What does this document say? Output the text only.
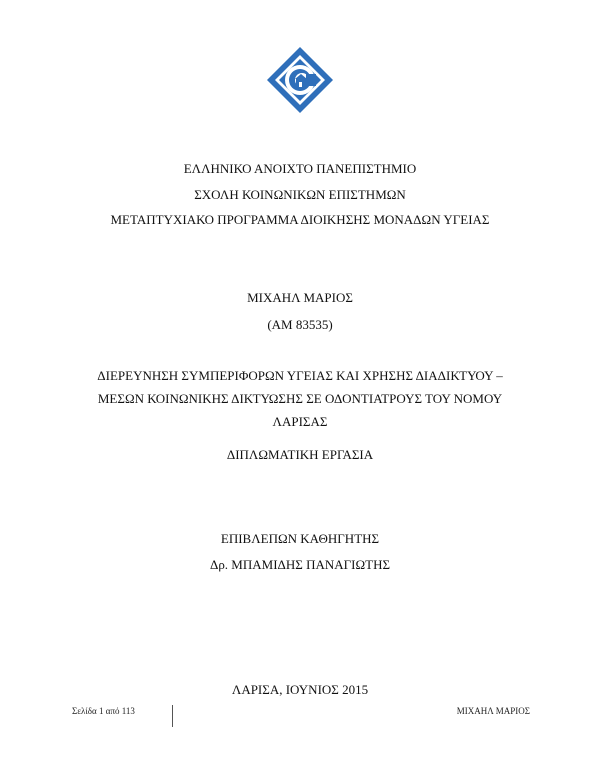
ΕΛΛΗΝΙΚΟ ΑΝΟΙΧΤΟ ΠΑΝΕΠΙΣΤΗΜΙΟ
ΣΧΟΛΗ ΚΟΙΝΩΝΙΚΩΝ ΕΠΙΣΤΗΜΩΝ
ΜΕΤΑΠΤΥΧΙΑΚΟ ΠΡΟΓΡΑΜΜΑ ΔΙΟΙΚΗΣΗΣ ΜΟΝΑΔΩΝ ΥΓΕΙΑΣ
ΜΙΧΑΗΛ ΜΑΡΙΟΣ
(ΑΜ 83535)
ΔΙΕΡΕΥΝΗΣΗ ΣΥΜΠΕΡΙΦΟΡΩΝ ΥΓΕΙΑΣ ΚΑΙ ΧΡΗΣΗΣ ΔΙΑΔΙΚΤΥΟΥ –
ΜΕΣΩΝ ΚΟΙΝΩΝΙΚΗΣ ΔΙΚΤΥΩΣΗΣ ΣΕ ΟΔΟΝΤΙΑΤΡΟΥΣ ΤΟΥ ΝΟΜΟΥ
ΛΑΡΙΣΑΣ
ΔΙΠΛΩΜΑΤΙΚΗ ΕΡΓΑΣΙΑ
ΕΠΙΒΛΕΠΩΝ ΚΑΘΗΓΗΤΗΣ
Δρ. ΜΠΑΜΙΔΗΣ ΠΑΝΑΓΙΩΤΗΣ
ΛΑΡΙΣΑ, ΙΟΥΝΙΟΣ 2015
Σελίδα 1 από 113	ΜΙΧΑΗΛ ΜΑΡΙΟΣ
